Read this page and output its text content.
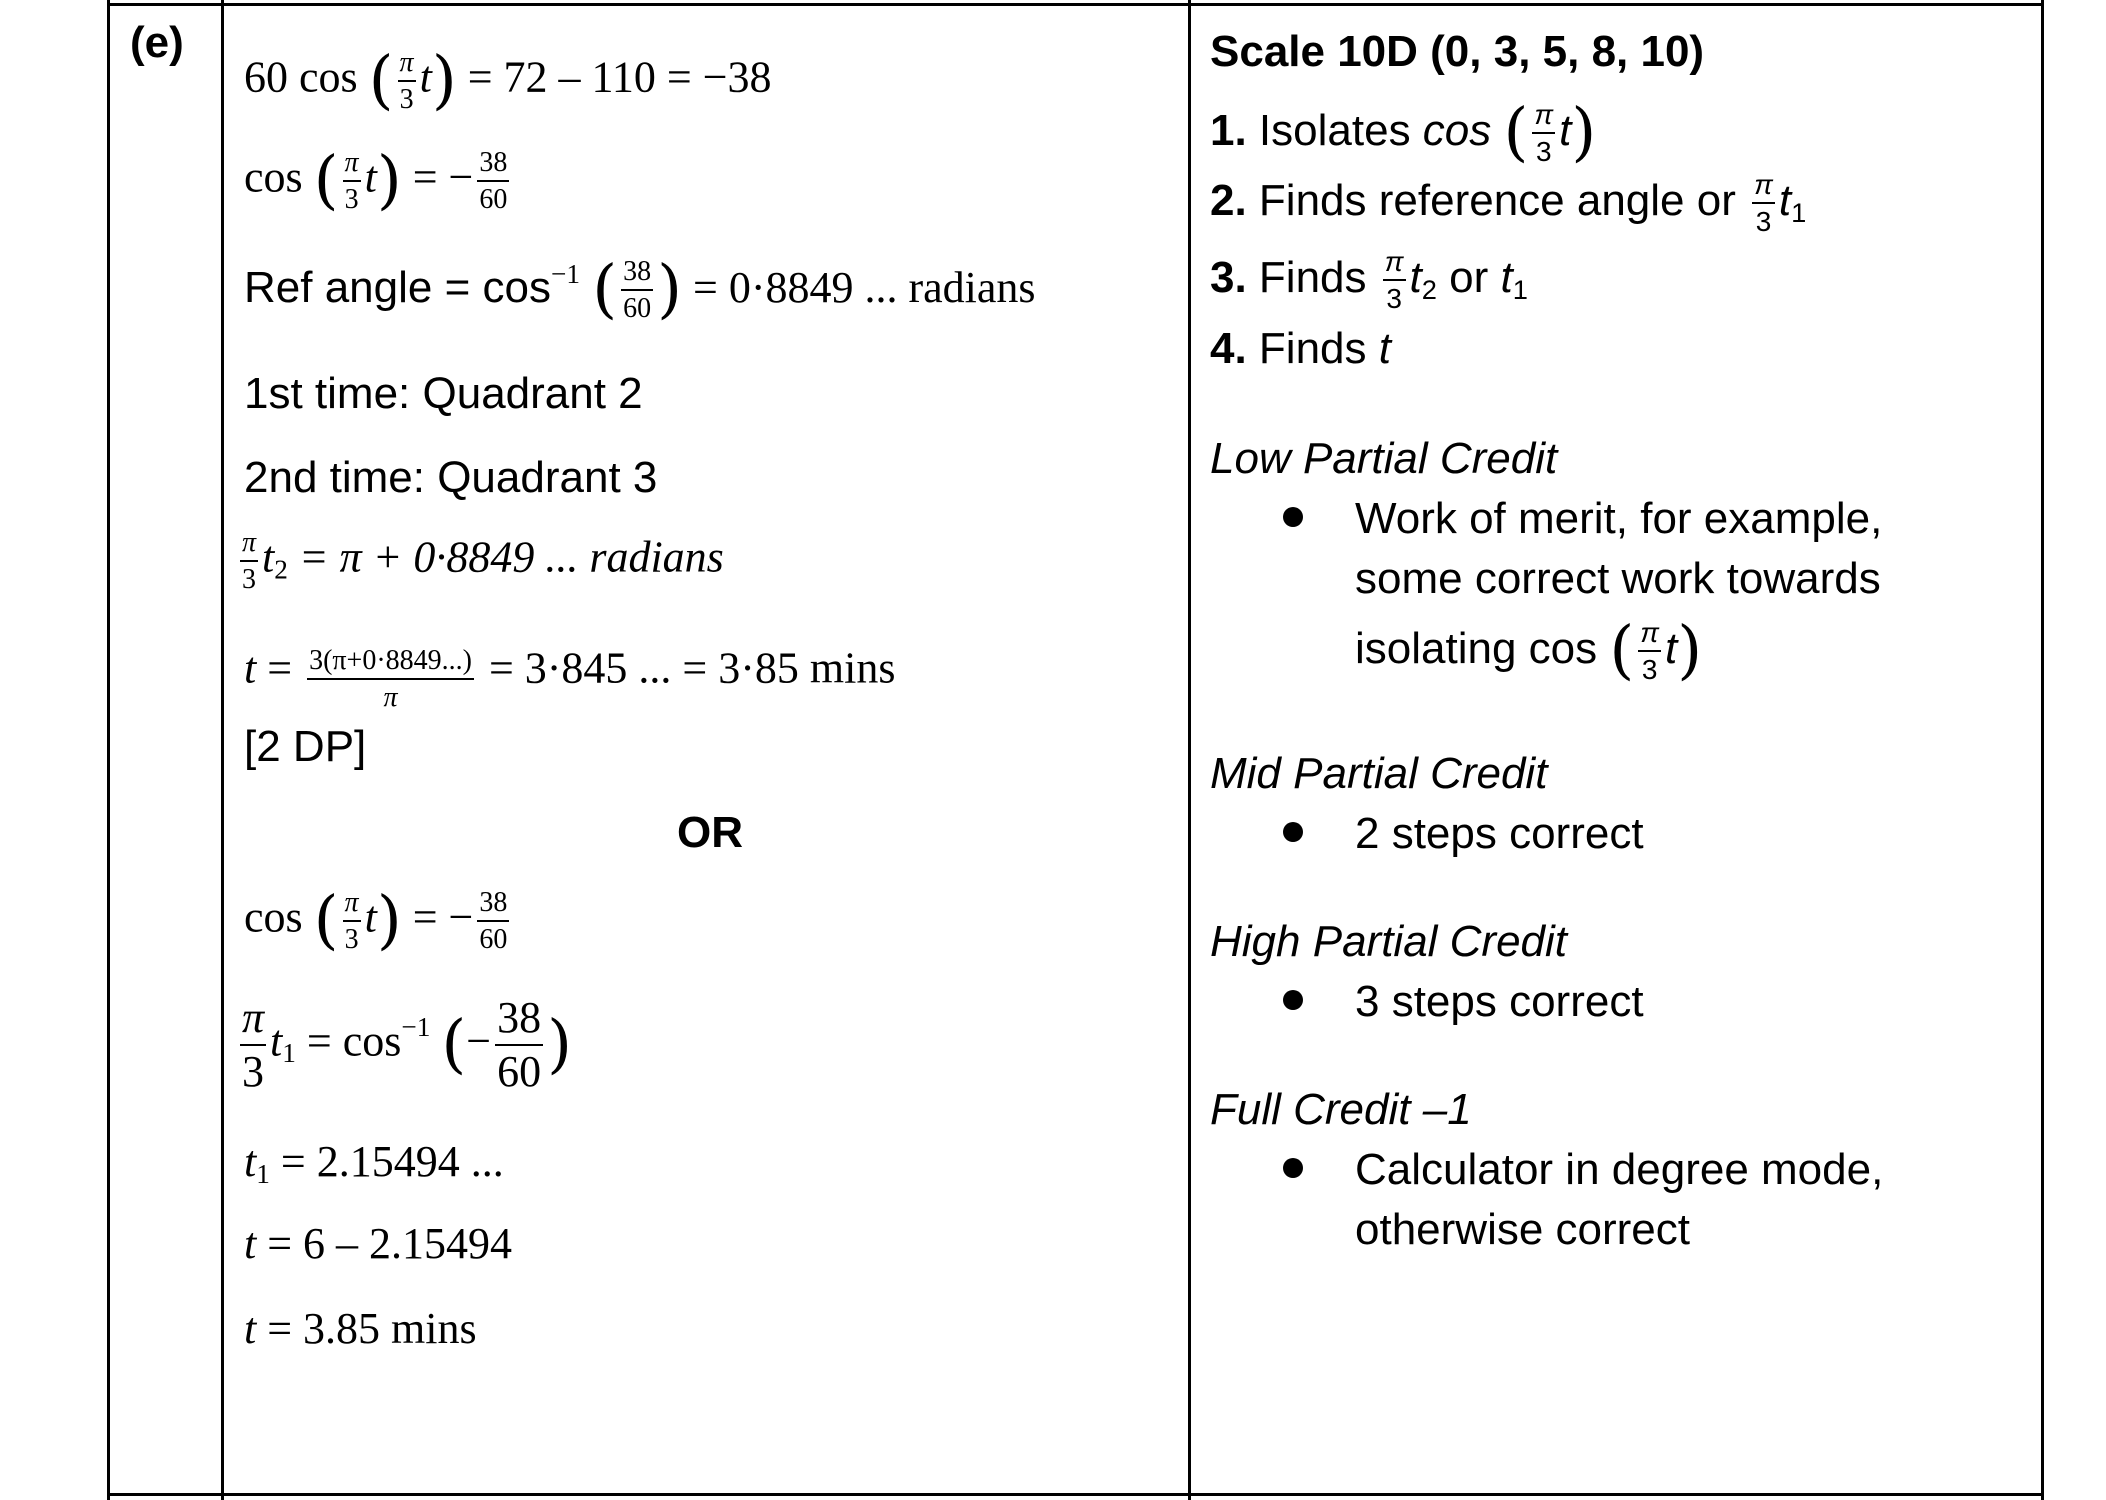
(e)
60 cos ( $\frac{\pi}{3} t) = 72 - 110 = -38$
cos ( $\frac{\pi}{3} t$) = − $\frac{38}{60}$
Ref angle = $\cos^{-1}$ ( $\frac{38}{60}$ ) = 0·8849 ... radians
1st time: Quadrant 2
2nd time: Quadrant 3
$\frac{\pi}{3} t_2 = \pi + 0\cdot 8849$ ... radians
$t = \frac{3(\pi+0\cdot 8849...)}{\pi} = 3\cdot 845$ ... = 3·85 mins
[2 DP]
OR
cos ( $\frac{\pi}{3} t$) = − $\frac{38}{60}$
$\frac{\pi}{3} t_1 = \cos^{-1}$ (− $\frac{38}{60}$ )
$t_1 = 2.15494$ ...
t = 6 – 2.15494
t = 3.85 mins
Scale 10D (0, 3, 5, 8, 10)
1. Isolates cos ( $\frac{\pi}{3} t$)
2. Finds reference angle or $\frac{\pi}{3} t_1$
3. Finds $\frac{\pi}{3} t_2$ or $t_1$
4. Finds t
Low Partial Credit
Work of merit, for example,
some correct work towards
isolating cos ( $\frac{\pi}{3} t$)
Mid Partial Credit
2 steps correct
High Partial Credit
3 steps correct
Full Credit –1
Calculator in degree mode,
otherwise correct
